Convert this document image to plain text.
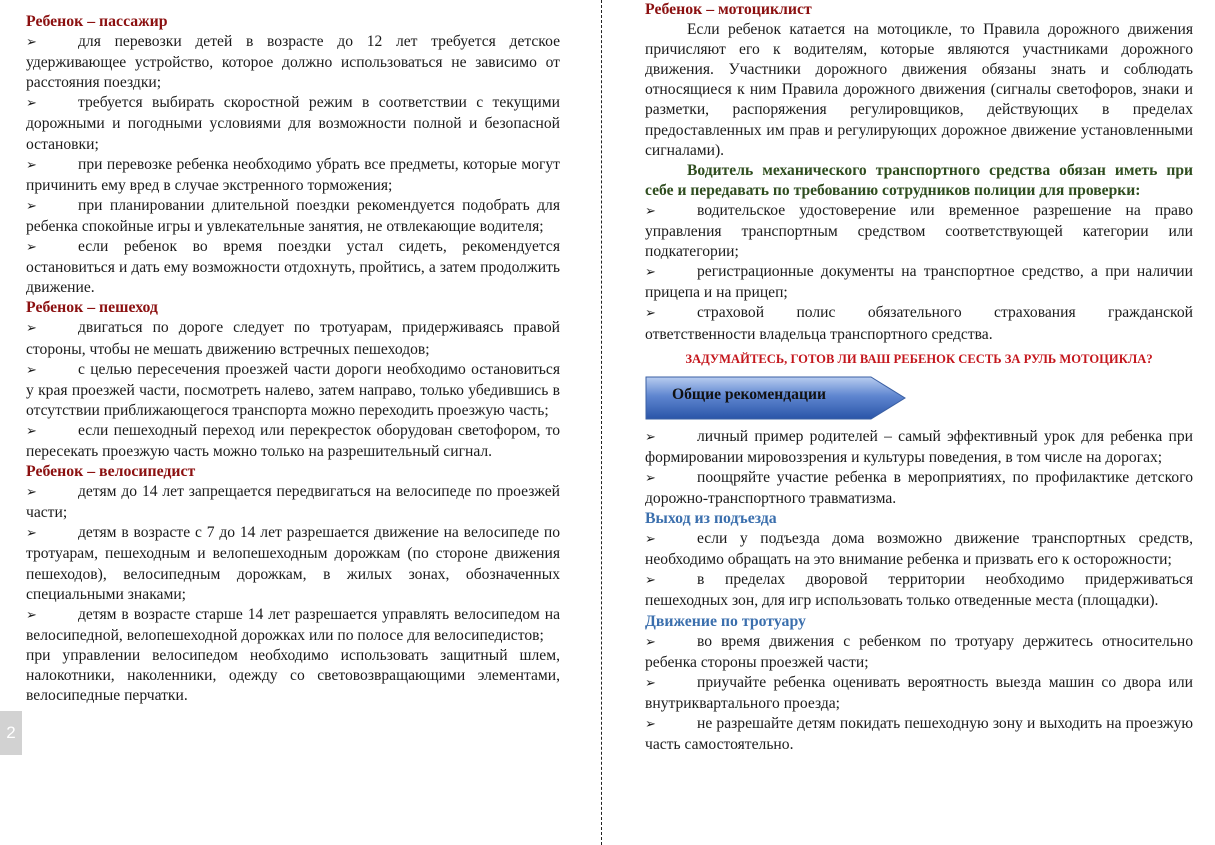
2

Ребенок – пассажир

➢	для перевозки детей в возрасте до 12 лет требуется детское удерживающее устройство, которое должно использоваться не зависимо от расстояния поездки;

➢	требуется выбирать скоростной режим в соответствии с текущими дорожными и погодными условиями для возможности полной и безопасной остановки;

➢	при перевозке ребенка необходимо убрать все предметы, которые могут причинить ему вред в случае экстренного торможения;

➢	при планировании длительной поездки рекомендуется подобрать для ребенка спокойные игры и увлекательные занятия, не отвлекающие водителя;

➢	если ребенок во время поездки устал сидеть, рекомендуется остановиться и дать ему возможности отдохнуть, пройтись, а затем продолжить движение.

Ребенок – пешеход

➢	двигаться по дороге следует по тротуарам, придерживаясь правой стороны, чтобы не мешать движению встречных пешеходов;

➢	с целью пересечения проезжей части дороги необходимо остановиться у края проезжей части, посмотреть налево, затем направо, только убедившись в отсутствии приближающегося транспорта можно переходить проезжую часть;

➢	если пешеходный переход или перекресток оборудован светофором, то пересекать проезжую часть можно только на разрешительный сигнал.

Ребенок – велосипедист

➢	детям до 14 лет запрещается передвигаться на велосипеде по проезжей части;

➢	детям в возрасте с 7 до 14 лет разрешается движение на велосипеде по тротуарам, пешеходным и велопешеходным дорожкам (по стороне движения пешеходов), велосипедным дорожкам, в жилых зонах, обозначенных специальными знаками;

➢	детям в возрасте старше 14 лет разрешается управлять велосипедом на велосипедной, велопешеходной дорожках или по полосе для велосипедистов;

при управлении велосипедом необходимо использовать защитный шлем, налокотники, наколенники, одежду со световозвращающими элементами, велосипедные перчатки.

Ребенок – мотоциклист

Если ребенок катается на мотоцикле, то Правила дорожного движения причисляют его к водителям, которые являются участниками дорожного движения. Участники дорожного движения обязаны знать и соблюдать относящиеся к ним Правила дорожного движения (сигналы светофоров, знаки и разметки, распоряжения регулировщиков, действующих в пределах предоставленных им прав и регулирующих дорожное движение установленными сигналами).

Водитель механического транспортного средства обязан иметь при себе и передавать по требованию сотрудников полиции для проверки:

➢	водительское удостоверение или временное разрешение на право управления транспортным средством соответствующей категории или подкатегории;

➢	регистрационные документы на транспортное средство, а при наличии прицепа и на прицеп;

➢	страховой полис обязательного страхования гражданской ответственности владельца транспортного средства.

ЗАДУМАЙТЕСЬ, ГОТОВ ЛИ ВАШ РЕБЕНОК СЕСТЬ ЗА РУЛЬ МОТОЦИКЛА?

Общие рекомендации

➢	личный пример родителей – самый эффективный урок для ребенка при формировании мировоззрения и культуры поведения, в том числе на дорогах;

➢	поощряйте участие ребенка в мероприятиях, по профилактике детского дорожно-транспортного травматизма.

Выход из подъезда

➢	если у подъезда дома возможно движение транспортных средств, необходимо обращать на это внимание ребенка и призвать его к осторожности;

➢	в пределах дворовой территории необходимо придерживаться пешеходных зон, для игр использовать только отведенные места (площадки).

Движение по тротуару

➢	во время движения с ребенком по тротуару держитесь относительно ребенка стороны проезжей части;

➢	приучайте ребенка оценивать вероятность выезда машин со двора или внутриквартального проезда;

➢	не разрешайте детям покидать пешеходную зону и выходить на проезжую часть самостоятельно.
